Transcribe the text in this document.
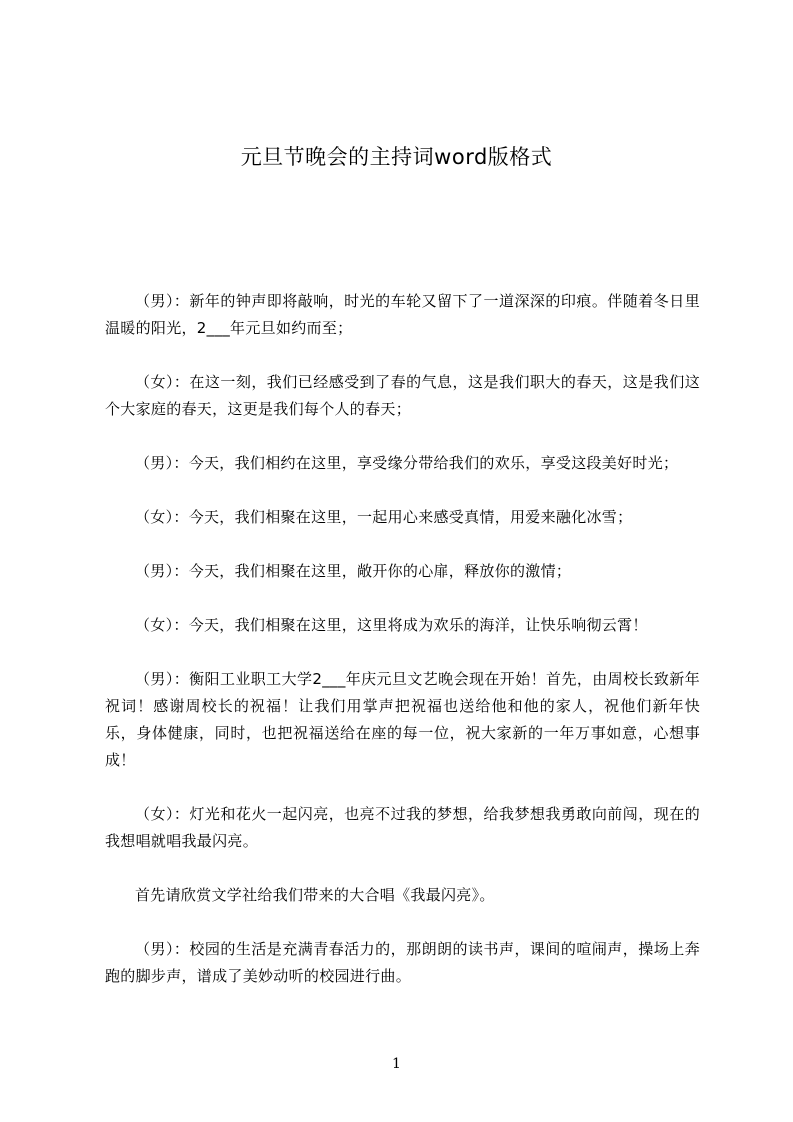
元旦节晚会的主持词word版格式

（男）：新年的钟声即将敲响，时光的车轮又留下了一道深深的印痕。伴随着冬日里温暖的阳光，2___年元旦如约而至；

（女）：在这一刻，我们已经感受到了春的气息，这是我们职大的春天，这是我们这个大家庭的春天，这更是我们每个人的春天；

（男）：今天，我们相约在这里，享受缘分带给我们的欢乐，享受这段美好时光；

（女）：今天，我们相聚在这里，一起用心来感受真情，用爱来融化冰雪；

（男）：今天，我们相聚在这里，敞开你的心扉，释放你的激情；

（女）：今天，我们相聚在这里，这里将成为欢乐的海洋，让快乐响彻云霄！

（男）：衡阳工业职工大学2___年庆元旦文艺晚会现在开始！首先，由周校长致新年祝词！感谢周校长的祝福！让我们用掌声把祝福也送给他和他的家人，祝他们新年快乐，身体健康，同时，也把祝福送给在座的每一位，祝大家新的一年万事如意，心想事成！

（女）：灯光和花火一起闪亮，也亮不过我的梦想，给我梦想我勇敢向前闯，现在的我想唱就唱我最闪亮。

首先请欣赏文学社给我们带来的大合唱《我最闪亮》。

（男）：校园的生活是充满青春活力的，那朗朗的读书声，课间的喧闹声，操场上奔跑的脚步声，谱成了美妙动听的校园进行曲。

1
